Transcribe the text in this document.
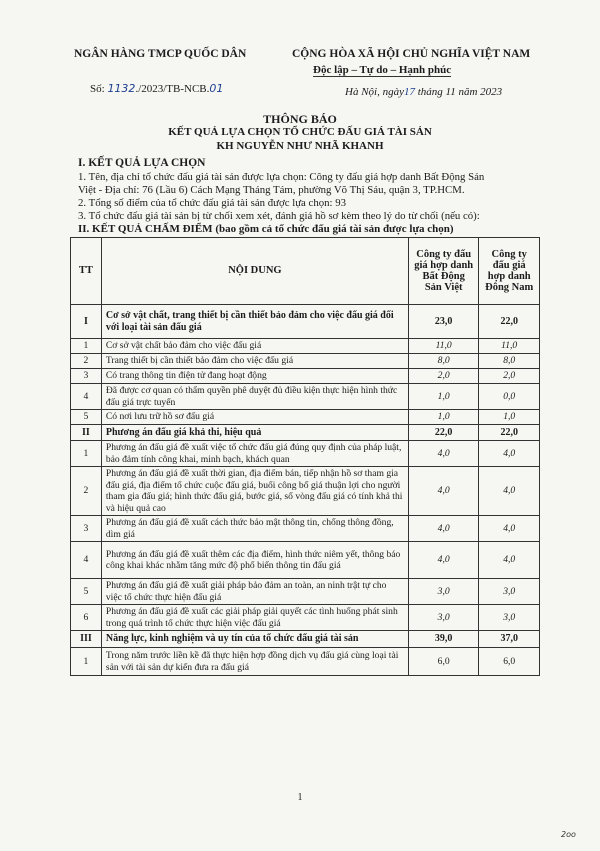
NGÂN HÀNG TMCP QUỐC DÂN
Số: 1132./2023/TB-NCB.01
CỘNG HÒA XÃ HỘI CHỦ NGHĨA VIỆT NAM
Độc lập – Tự do – Hạnh phúc
Hà Nội, ngày17 tháng 11 năm 2023
THÔNG BÁO
KẾT QUẢ LỰA CHỌN TỔ CHỨC ĐẤU GIÁ TÀI SẢN
KH NGUYỄN NHƯ NHÃ KHANH
I. KẾT QUẢ LỰA CHỌN
1. Tên, địa chỉ tổ chức đấu giá tài sản được lựa chọn: Công ty đấu giá hợp danh Bất Động Sản
Việt - Địa chỉ: 76 (Lầu 6) Cách Mạng Tháng Tám, phường Võ Thị Sáu, quận 3, TP.HCM.
2. Tổng số điểm của tổ chức đấu giá tài sản được lựa chọn: 93
3. Tổ chức đấu giá tài sản bị từ chối xem xét, đánh giá hồ sơ kèm theo lý do từ chối (nếu có):
II. KẾT QUẢ CHẤM ĐIỂM (bao gồm cả tổ chức đấu giá tài sản được lựa chọn)
TT	NỘI DUNG	Công ty đấu giá hợp danh Bất Động Sản Việt	Công ty đấu giá hợp danh Đông Nam
I	Cơ sở vật chất, trang thiết bị cần thiết bảo đảm cho việc đấu giá đối với loại tài sản đấu giá	23,0	22,0
1	Cơ sở vật chất bảo đảm cho việc đấu giá	11,0	11,0
2	Trang thiết bị cần thiết bảo đảm cho việc đấu giá	8,0	8,0
3	Có trang thông tin điện tử đang hoạt động	2,0	2,0
4	Đã được cơ quan có thẩm quyền phê duyệt đủ điều kiện thực hiện hình thức đấu giá trực tuyến	1,0	0,0
5	Có nơi lưu trữ hồ sơ đấu giá	1,0	1,0
II	Phương án đấu giá khả thi, hiệu quả	22,0	22,0
1	Phương án đấu giá đề xuất việc tổ chức đấu giá đúng quy định của pháp luật, bảo đảm tính công khai, minh bạch, khách quan	4,0	4,0
2	Phương án đấu giá đề xuất thời gian, địa điểm bán, tiếp nhận hồ sơ tham gia đấu giá, địa điểm tổ chức cuộc đấu giá, buổi công bố giá thuận lợi cho người tham gia đấu giá; hình thức đấu giá, bước giá, số vòng đấu giá có tính khả thi và hiệu quả cao	4,0	4,0
3	Phương án đấu giá đề xuất cách thức bảo mật thông tin, chống thông đồng, dìm giá	4,0	4,0
4	Phương án đấu giá đề xuất thêm các địa điểm, hình thức niêm yết, thông báo công khai khác nhằm tăng mức độ phổ biến thông tin đấu giá	4,0	4,0
5	Phương án đấu giá đề xuất giải pháp bảo đảm an toàn, an ninh trật tự cho việc tổ chức thực hiện đấu giá	3,0	3,0
6	Phương án đấu giá đề xuất các giải pháp giải quyết các tình huống phát sinh trong quá trình tổ chức thực hiện việc đấu giá	3,0	3,0
III	Năng lực, kinh nghiệm và uy tín của tổ chức đấu giá tài sản	39,0	37,0
1	Trong năm trước liền kề đã thực hiện hợp đồng dịch vụ đấu giá cùng loại tài sản với tài sản dự kiến đưa ra đấu giá	6,0	6,0
1
2oo
